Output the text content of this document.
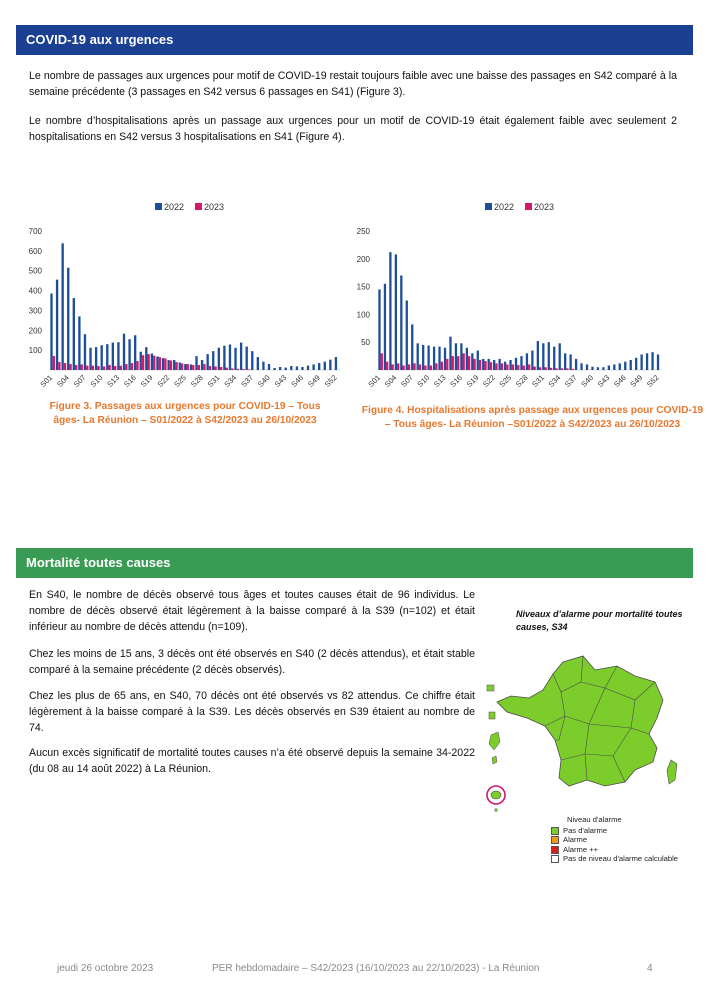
COVID-19 aux urgences

Le nombre de passages aux urgences pour motif de COVID-19 restait toujours faible avec une baisse des passages en S42 comparé à la semaine précédente (3 passages en S42 versus 6 passages en S41) (Figure 3).

Le nombre d’hospitalisations après un passage aux urgences pour un motif de COVID-19 était également faible avec seulement 2 hospitalisations en S42 versus 3 hospitalisations en S41 (Figure 4).

2022 2023
100
200
300
400
500
600
700
S01 S04 S07 S10 S13 S16 S19 S22 S25 S28 S31 S34 S37 S40 S43 S46 S49 S52
Figure 3. Passages aux urgences pour COVID-19 – Tous âges- La Réunion – S01/2022 à S42/2023 au 26/10/2023
2022 2023
50
100
150
200
250
S01 S04 S07 S10 S13 S16 S19 S22 S25 S28 S31 S34 S37 S40 S43 S46 S49 S52
Figure 4. Hospitalisations après passage aux urgences pour COVID-19 – Tous âges- La Réunion –S01/2022 à S42/2023 au 26/10/2023
Mortalité toutes causes

En S40, le nombre de décès observé tous âges et toutes causes était de 96 individus. Le nombre de décès observé était légèrement à la baisse comparé à la S39 (n=102) et était inférieur au nombre de décès attendu (n=109).

Chez les moins de 15 ans, 3 décès ont été observés en S40 (2 décès attendus), et était stable comparé à la semaine précédente (2 décès observés).

Chez les plus de 65 ans, en S40, 70 décès ont été observés vs 82 attendus. Ce chiffre était légèrement à la baisse comparé à la S39. Les décès observés en S39 étaient au nombre de 74.

Aucun excès significatif de mortalité toutes causes n’a été observé depuis la semaine 34-2022 (du 08 au 14 août 2022) à La Réunion.

Niveaux d’alarme pour mortalité toutes causes, S34
Niveau d'alarme
Pas d'alarme
Alarme
Alarme ++
Pas de niveau d'alarme calculable
jeudi 26 octobre 2023	PER hebdomadaire – S42/2023 (16/10/2023 au 22/10/2023) - La Réunion	4
